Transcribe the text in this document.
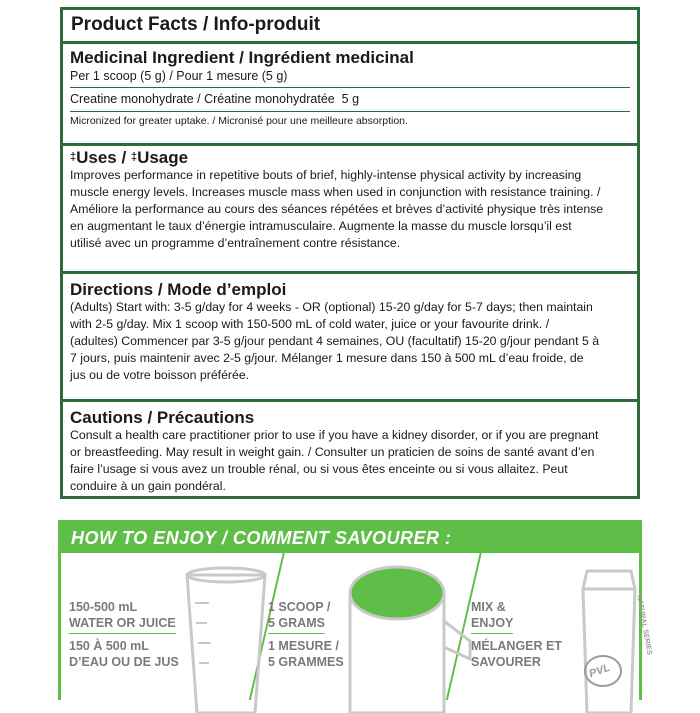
Product Facts / Info-produit
Medicinal Ingredient / Ingrédient medicinal
Per 1 scoop (5 g) / Pour 1 mesure (5 g)
Creatine monohydrate / Créatine monohydratée  5 g
Micronized for greater uptake. / Micronisé pour une meilleure absorption.
‡Uses / ‡Usage
Improves performance in repetitive bouts of brief, highly-intense physical activity by increasing
muscle energy levels. Increases muscle mass when used in conjunction with resistance training. /
Améliore la performance au cours des séances répétées et brèves d’activité physique très intense
en augmentant le taux d’énergie intramusculaire. Augmente la masse du muscle lorsqu’il est
utilisé avec un programme d’entraînement contre résistance.
Directions / Mode d’emploi
(Adults) Start with: 3-5 g/day for 4 weeks - OR (optional) 15-20 g/day for 5-7 days; then maintain
with 2-5 g/day. Mix 1 scoop with 150-500 mL of cold water, juice or your favourite drink. /
(adultes) Commencer par 3-5 g/jour pendant 4 semaines, OU (facultatif) 15-20 g/jour pendant 5 à
7 jours, puis maintenir avec 2-5 g/jour. Mélanger 1 mesure dans 150 à 500 mL d’eau froide, de
jus ou de votre boisson préférée.
Cautions / Précautions
Consult a health care practitioner prior to use if you have a kidney disorder, or if you are pregnant
or breastfeeding. May result in weight gain. / Consulter un praticien de soins de santé avant d’en
faire l’usage si vous avez un trouble rénal, ou si vous êtes enceinte ou si vous allaitez. Peut
conduire à un gain pondéral.
HOW TO ENJOY / COMMENT SAVOURER :
150-500 mL
WATER OR JUICE
150 À 500 mL
D’EAU OU DE JUS
1 SCOOP /
5 GRAMS
1 MESURE /
5 GRAMMES	PVL
NATURAL SERIES
MIX &
ENJOY
MÉLANGER ET
SAVOURER
